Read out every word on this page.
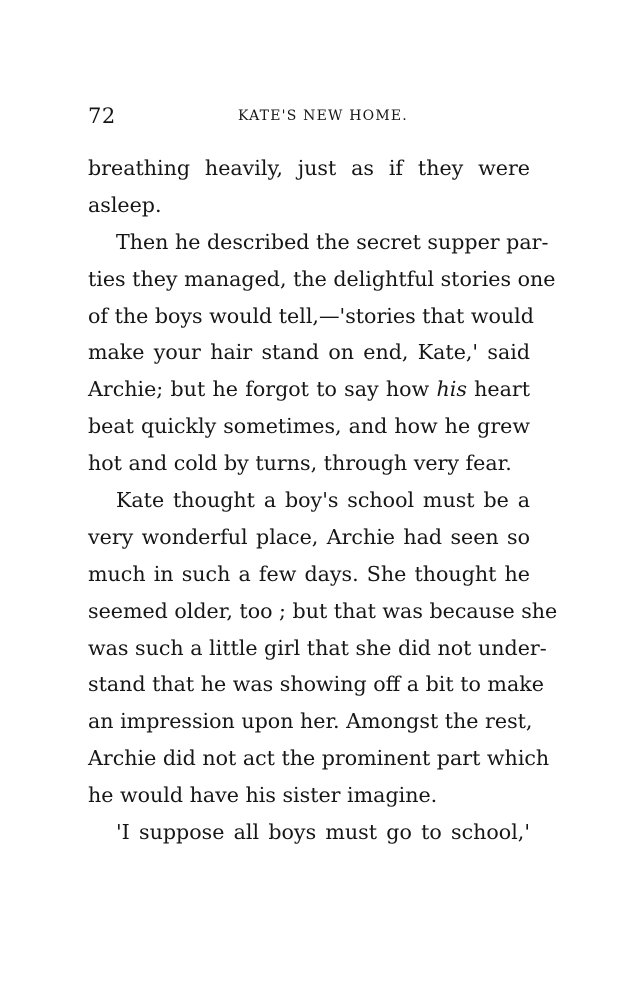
72	KATE'S NEW HOME.
breathing heavily, just as if they were
asleep.
Then he described the secret supper par-
ties they managed, the delightful stories one
of the boys would tell,—'stories that would
make your hair stand on end, Kate,' said
Archie; but he forgot to say how his heart
beat quickly sometimes, and how he grew
hot and cold by turns, through very fear.
Kate thought a boy's school must be a
very wonderful place, Archie had seen so
much in such a few days. She thought he
seemed older, too ; but that was because she
was such a little girl that she did not under-
stand that he was showing off a bit to make
an impression upon her. Amongst the rest,
Archie did not act the prominent part which
he would have his sister imagine.
'I suppose all boys must go to school,'
